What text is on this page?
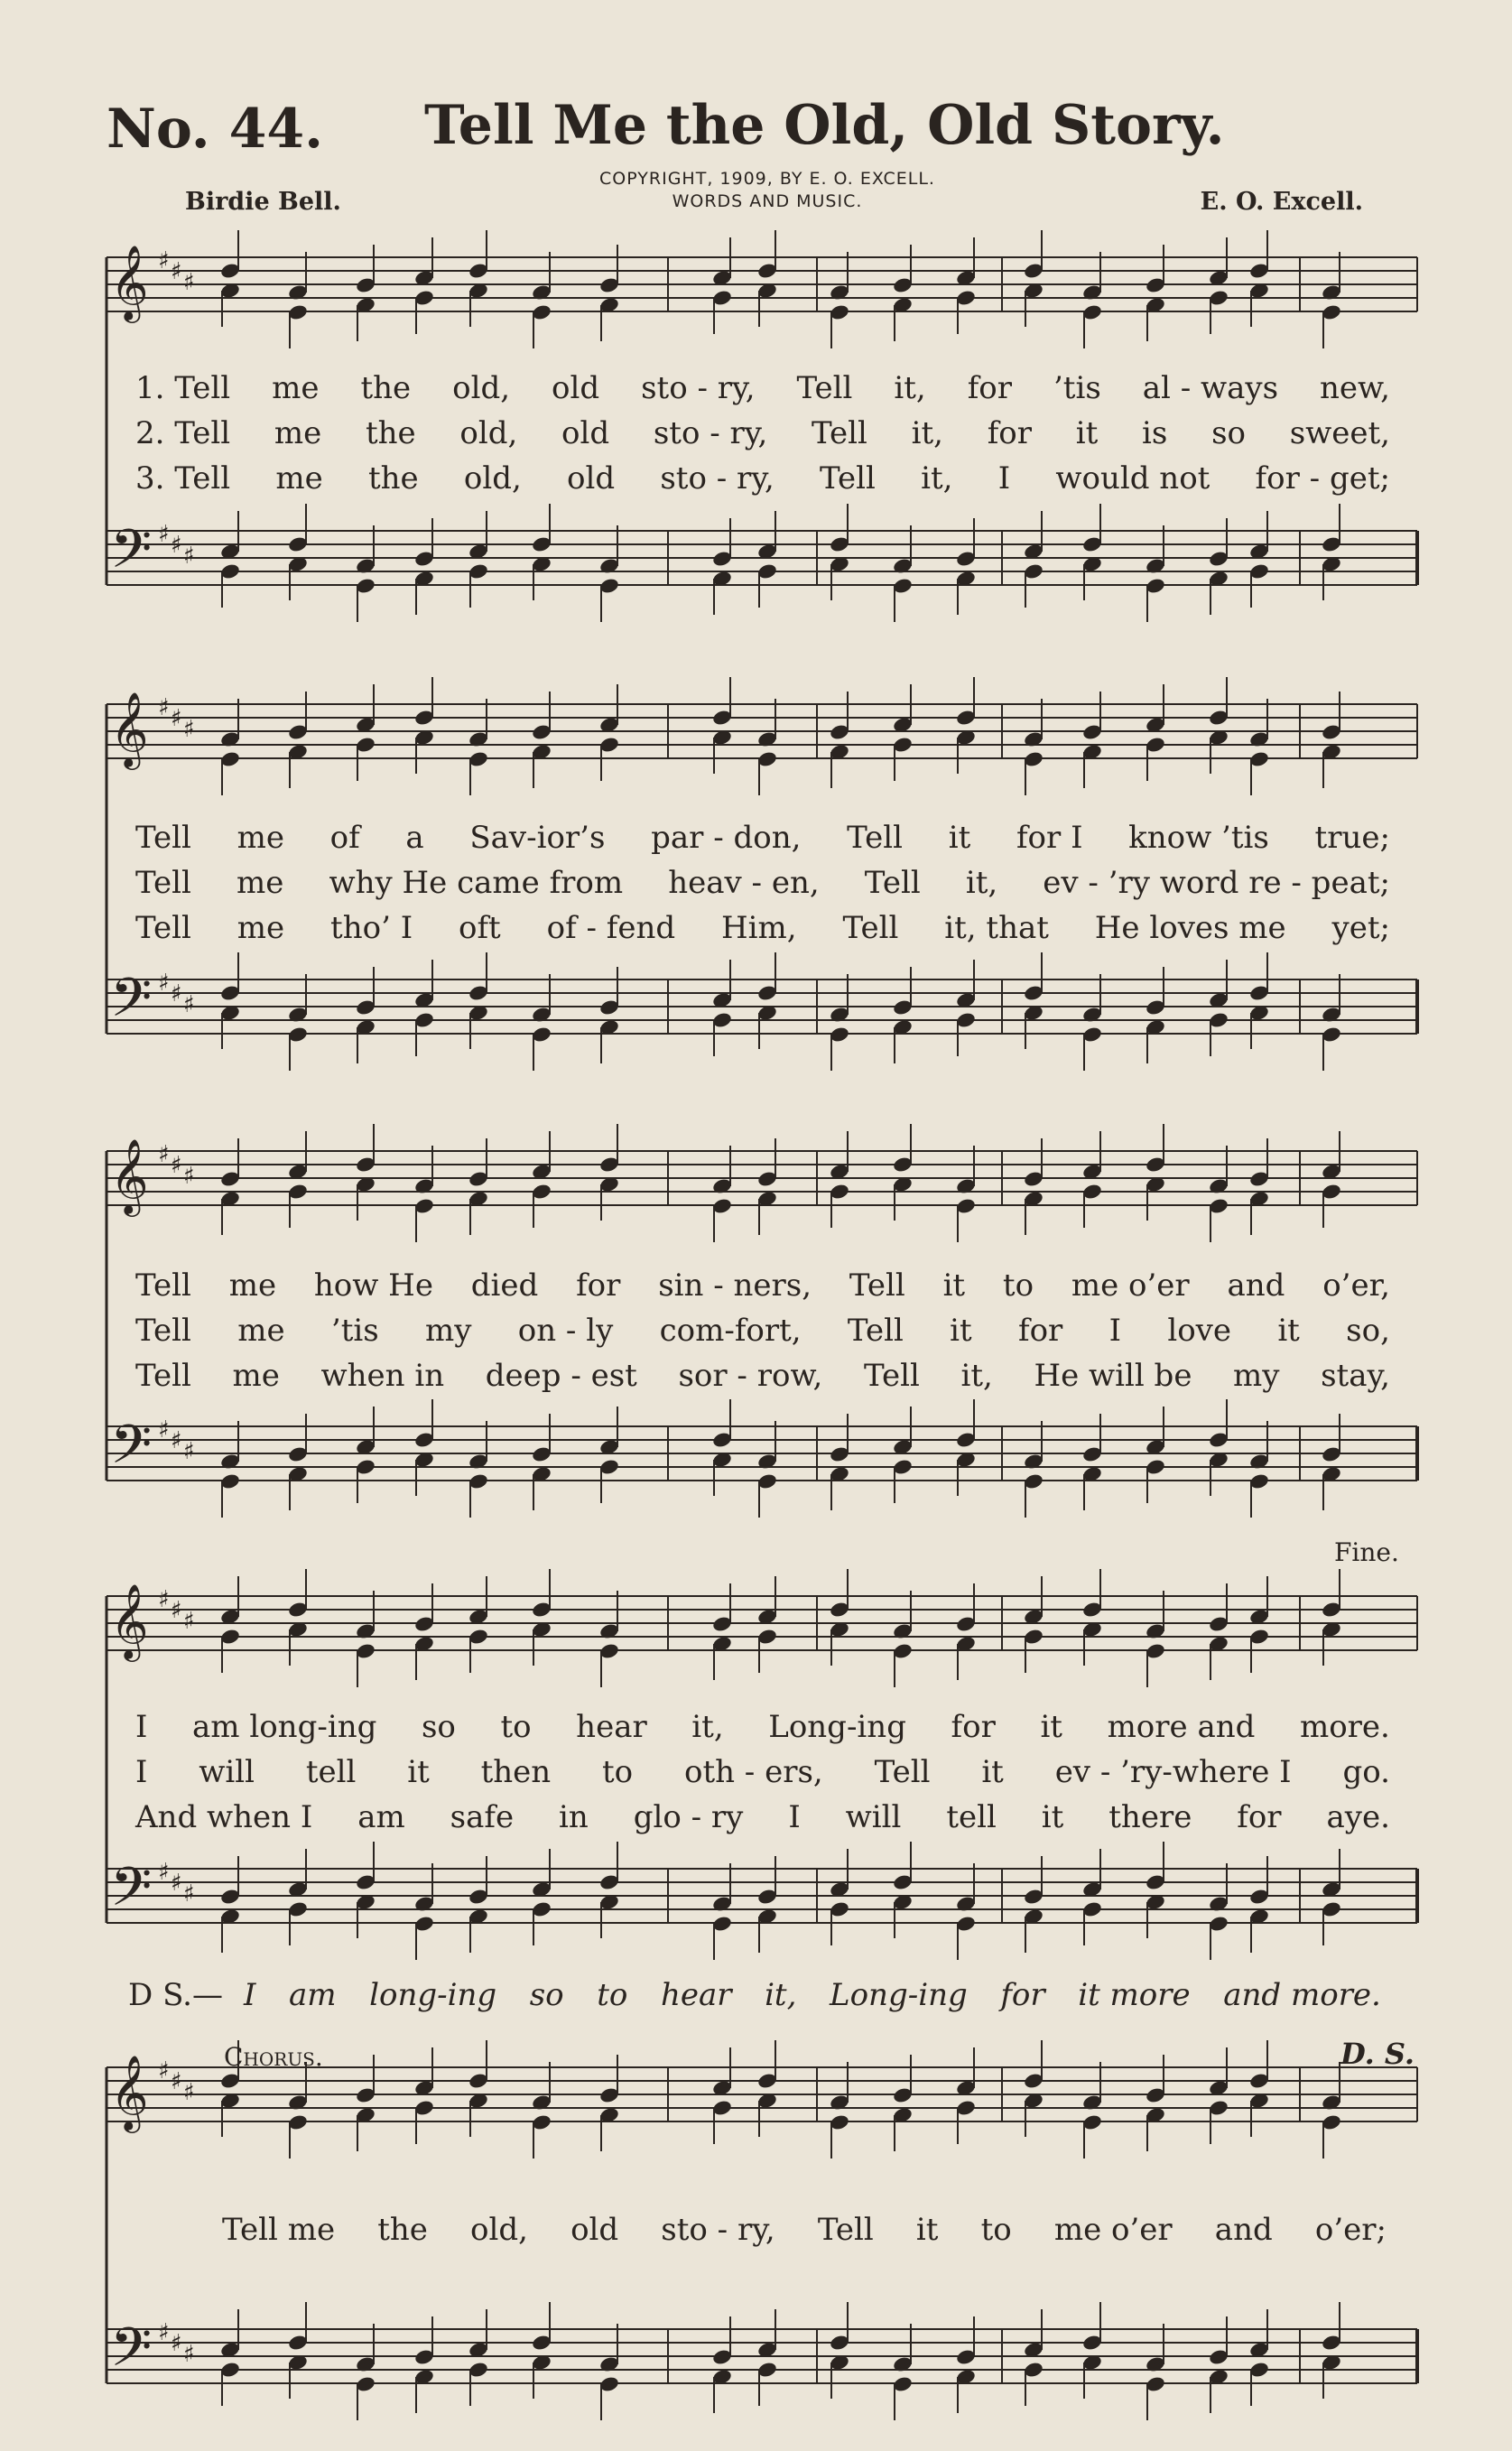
No. 44. Tell Me the Old, Old Story.
COPYRIGHT, 1909, BY E. O. EXCELL.
WORDS AND MUSIC.
Birdie Bell.	E. O. Excell.
𝄞 ♯ ♯ ♯
𝄢 ♯ ♯ ♯
𝄞 ♯ ♯ ♯
𝄢 ♯ ♯ ♯
𝄞 ♯ ♯ ♯
𝄢 ♯ ♯ ♯
𝄞 ♯ ♯ ♯
𝄢 ♯ ♯ ♯
𝄞 ♯ ♯ ♯
𝄢 ♯ ♯ ♯
Fine.
Chorus.	D. S.
1. Tell me the old, old sto - ry, Tell it, for ’tis al - ways new,
2. Tell me the old, old sto - ry, Tell it, for it is so sweet,
3. Tell me the old, old sto - ry, Tell it, I would not for - get;
Tell me of a Sav-ior’s par - don, Tell it for I know ’tis true;
Tell me why He came from heav - en, Tell it, ev - ’ry word re - peat;
Tell me tho’ I oft of - fend Him, Tell it, that He loves me yet;
Tell me how He died for sin - ners, Tell it to me o’er and o’er,
Tell me ’tis my on - ly com-fort, Tell it for I love it so,
Tell me when in deep - est sor - row, Tell it, He will be my stay,
I am long-ing so to hear it, Long-ing for it more and more.
I will tell it then to oth - ers, Tell it ev - ’ry-where I go.
And when I am safe in glo - ry I will tell it there for aye.
D S.— I am long-ing so to hear it, Long-ing for it more and more.
Tell me the old, old sto - ry, Tell it to me o’er and o’er;
